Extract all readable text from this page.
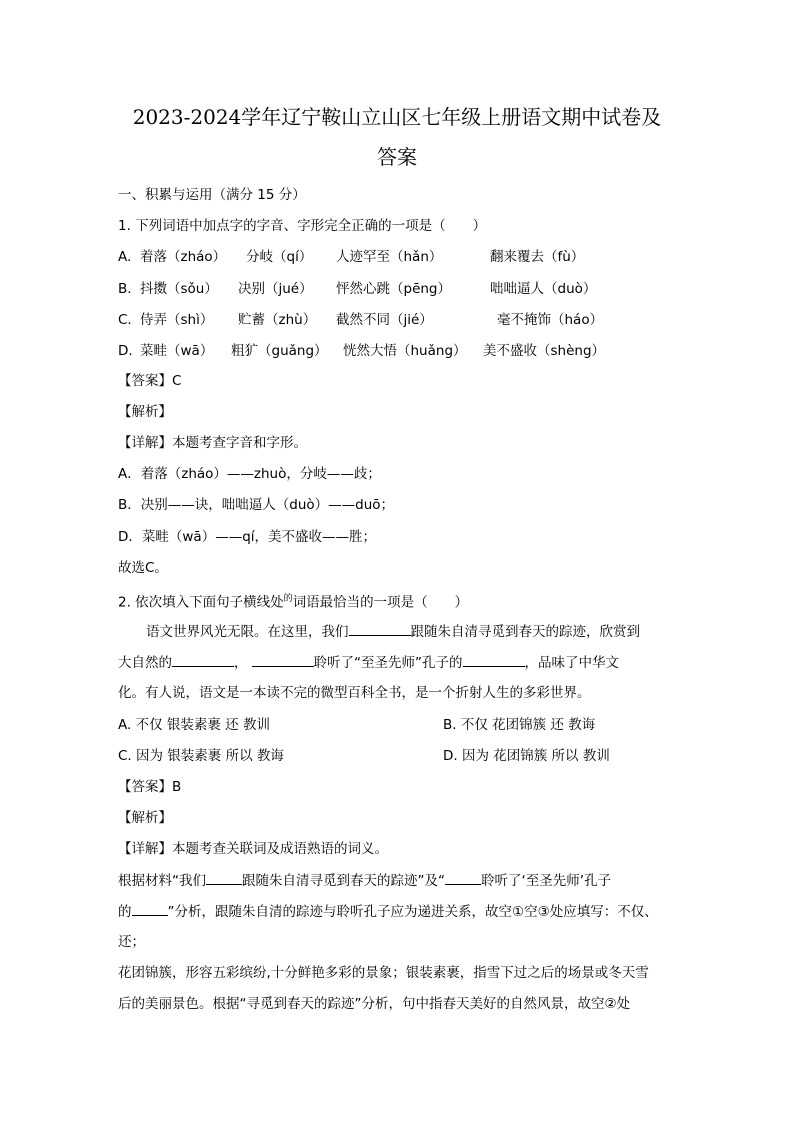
2023-2024学年辽宁鞍山立山区七年级上册语文期中试卷及
答案
一、积累与运用（满分 15 分）
1. 下列词语中加点字的字音、字形完全正确的一项是（　　）
A. 着落（zháo） 分岐（qí） 人迹罕至（hǎn）	翻来覆去（fù）
B. 抖擞（sǒu） 决别（jué） 怦然心跳（pēng）	咄咄逼人（duò）
C. 侍弄（shì） 贮蓄（zhù） 截然不同（jié）	毫不掩饰（háo）
D. 菜畦（wā） 粗犷（guǎng） 恍然大悟（huǎng） 美不盛收（shèng）
【答案】C
【解析】
【详解】本题考查字音和字形。
A．着落（zháo）——zhuò，分岐——歧；
B．决别——诀，咄咄逼人（duò）——duō；
D．菜畦（wā）——qí，美不盛收——胜；
故选C。
2. 依次填入下面句子横线处$^的$词语最恰当的一项是（　　）
语文世界风光无限。在这里，我们	跟随朱自清寻觅到春天的踪迹，欣赏到
大自然的	，	聆听了“至圣先师”孔子的	，品味了中华文
化。有人说，语文是一本读不完的微型百科全书，是一个折射人生的多彩世界。
A. 不仅 银装素裹 还 教训	B. 不仅 花团锦簇 还 教诲
C. 因为 银装素裹 所以 教诲	D. 因为 花团锦簇 所以 教训
【答案】B
【解析】
【详解】本题考查关联词及成语熟语的词义。
根据材料“我们	跟随朱自清寻觅到春天的踪迹”及“	聆听了‘至圣先师’孔子
的	”分析，跟随朱自清的踪迹与聆听孔子应为递进关系，故空①空③处应填写：不仅、
还；
花团锦簇，形容五彩缤纷,十分鲜艳多彩的景象；银装素裹，指雪下过之后的场景或冬天雪
后的美丽景色。根据“寻觅到春天的踪迹”分析，句中指春天美好的自然风景，故空②处
